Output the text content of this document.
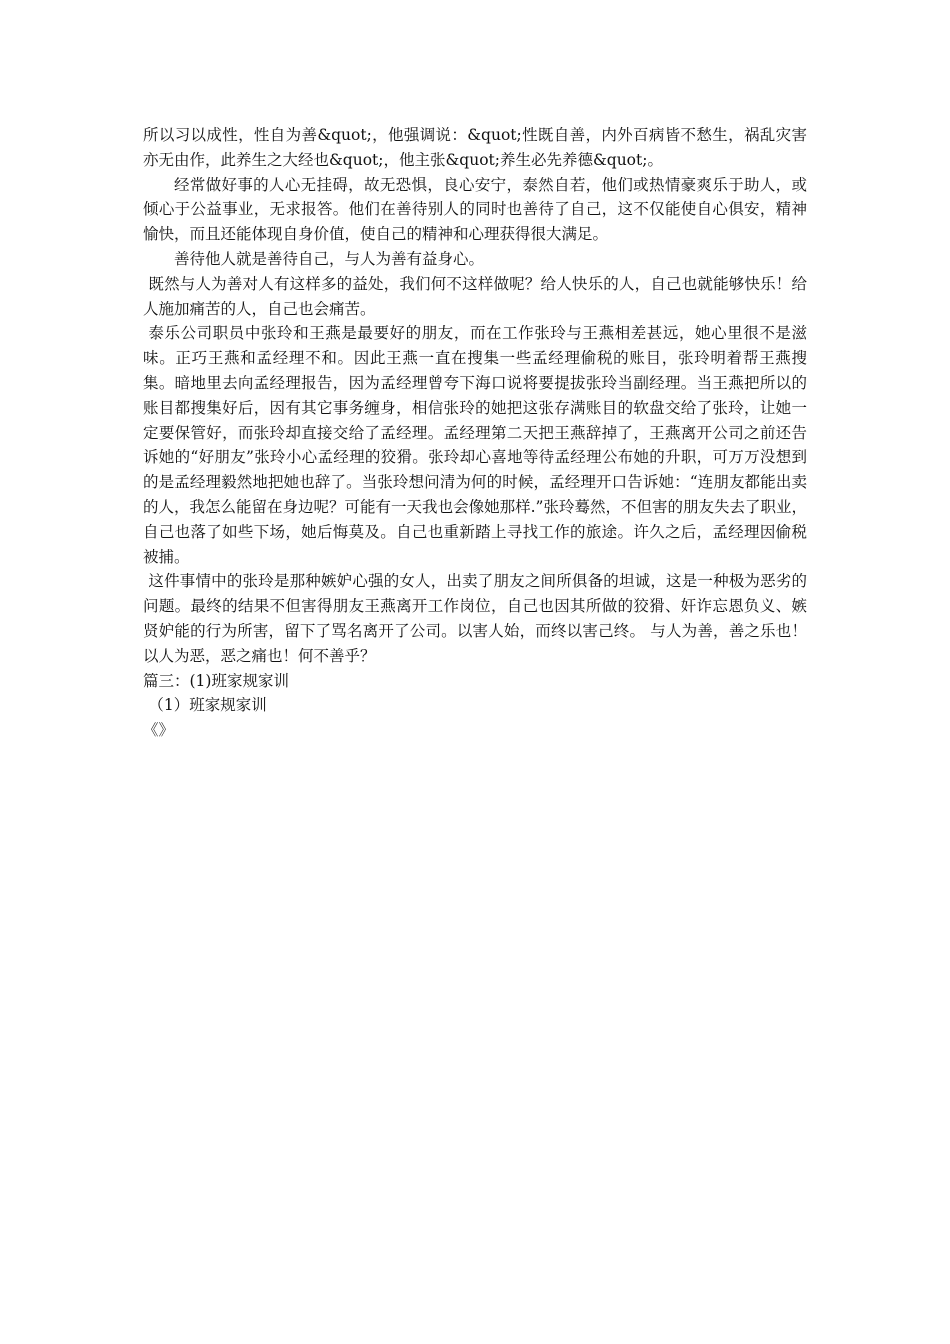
所以习以成性，性自为善&quot;，他强调说：&quot;性既自善，内外百病皆不愁生，祸乱灾害亦无由作，此养生之大经也&quot;，他主张&quot;养生必先养德&quot;。

经常做好事的人心无挂碍，故无恐惧，良心安宁，泰然自若，他们或热情豪爽乐于助人，或倾心于公益事业，无求报答。他们在善待别人的同时也善待了自己，这不仅能使自心俱安，精神愉快，而且还能体现自身价值，使自己的精神和心理获得很大满足。

善待他人就是善待自己，与人为善有益身心。

既然与人为善对人有这样多的益处，我们何不这样做呢？给人快乐的人，自己也就能够快乐！给人施加痛苦的人，自己也会痛苦。

泰乐公司职员中张玲和王燕是最要好的朋友，而在工作张玲与王燕相差甚远，她心里很不是滋味。正巧王燕和孟经理不和。因此王燕一直在搜集一些孟经理偷税的账目，张玲明着帮王燕搜集。暗地里去向孟经理报告，因为孟经理曾夸下海口说将要提拔张玲当副经理。当王燕把所以的账目都搜集好后，因有其它事务缠身，相信张玲的她把这张存满账目的软盘交给了张玲，让她一定要保管好，而张玲却直接交给了孟经理。孟经理第二天把王燕辞掉了，王燕离开公司之前还告诉她的“好朋友”张玲小心孟经理的狡猾。张玲却心喜地等待孟经理公布她的升职，可万万没想到的是孟经理毅然地把她也辞了。当张玲想问清为何的时候，孟经理开口告诉她：“连朋友都能出卖的人，我怎么能留在身边呢？可能有一天我也会像她那样.”张玲蓦然，不但害的朋友失去了职业，自己也落了如些下场，她后悔莫及。自己也重新踏上寻找工作的旅途。许久之后，孟经理因偷税被捕。

这件事情中的张玲是那种嫉妒心强的女人，出卖了朋友之间所俱备的坦诚，这是一种极为恶劣的问题。最终的结果不但害得朋友王燕离开工作岗位，自己也因其所做的狡猾、奸诈忘恩负义、嫉贤妒能的行为所害，留下了骂名离开了公司。以害人始，而终以害己终。 与人为善，善之乐也！以人为恶，恶之痛也！何不善乎？

篇三：(1)班家规家训

（1）班家规家训

《》
